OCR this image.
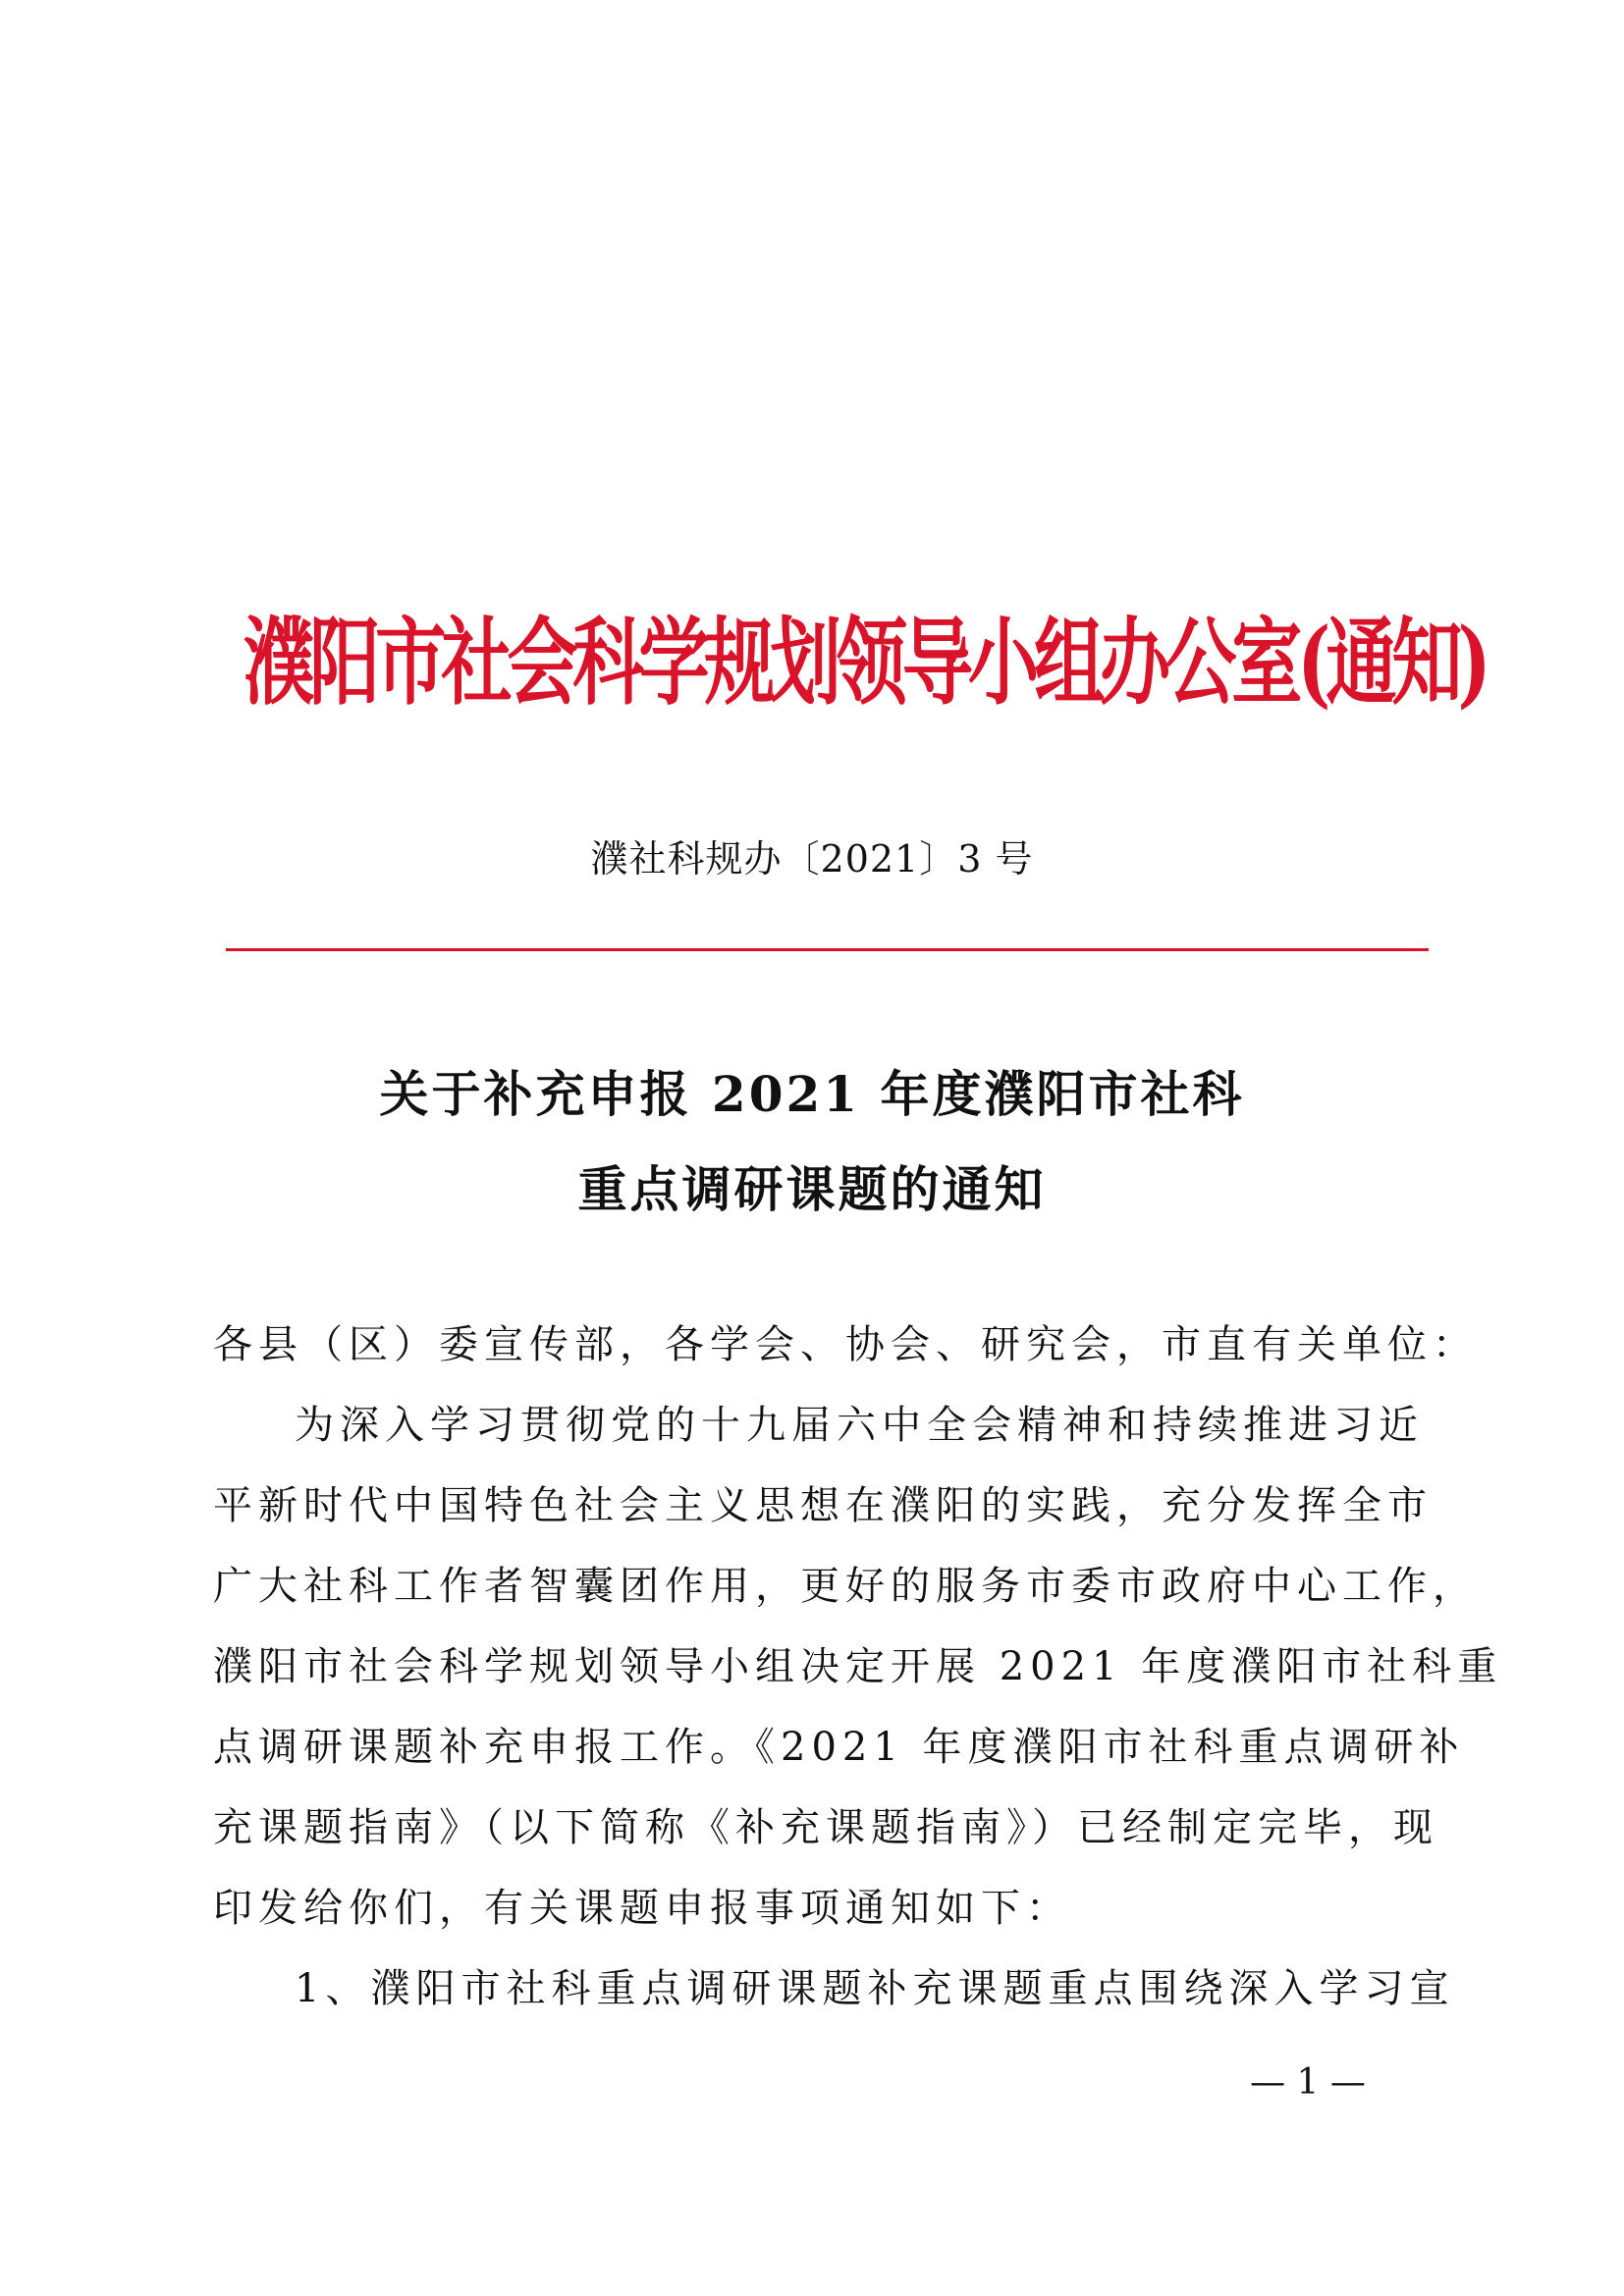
濮阳市社会科学规划领导小组办公室(通知)
濮社科规办〔2021〕3 号
关于补充申报 2021 年度濮阳市社科
重点调研课题的通知
各县（区）委宣传部，各学会、协会、研究会，市直有关单位：
为深入学习贯彻党的十九届六中全会精神和持续推进习近
平新时代中国特色社会主义思想在濮阳的实践，充分发挥全市
广大社科工作者智囊团作用，更好的服务市委市政府中心工作，
濮阳市社会科学规划领导小组决定开展 2021 年度濮阳市社科重
点调研课题补充申报工作。《2021 年度濮阳市社科重点调研补
充课题指南》（以下简称《补充课题指南》）已经制定完毕，现
印发给你们，有关课题申报事项通知如下：
1、濮阳市社科重点调研课题补充课题重点围绕深入学习宣
— 1 —
